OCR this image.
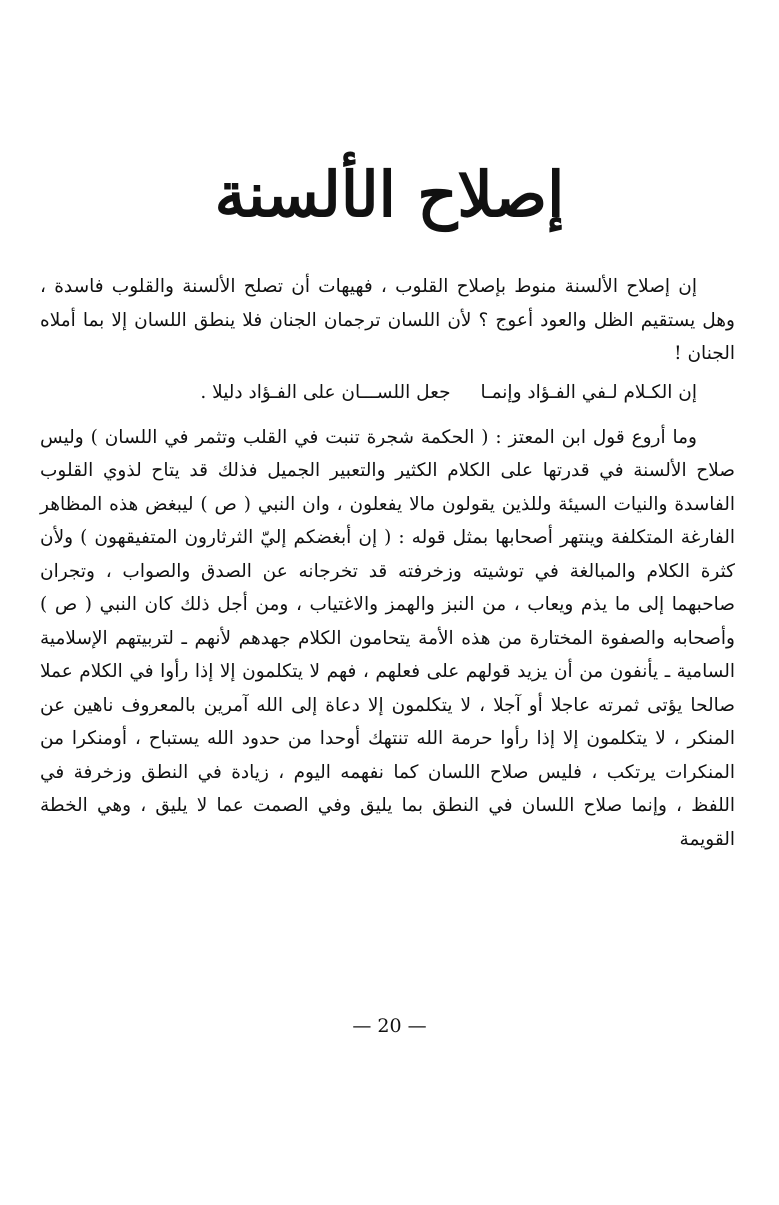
إصلاح الألسنة

إن إصلاح الألسنة منوط بإصلاح القلوب ، فهيهات أن تصلح الألسنة والقلوب فاسدة ، وهل يستقيم الظل والعود أعوج ؟ لأن اللسان ترجمان الجنان فلا ينطق اللسان إلا بما أملاه الجنان !

إن الكـلام لـفي الفـؤاد وإنمـاجعل اللســـان على الفـؤاد دليلا .

وما أروع قول ابن المعتز : ( الحكمة شجرة تنبت في القلب وتثمر في اللسان ) وليس صلاح الألسنة في قدرتها على الكلام الكثير والتعبير الجميل فذلك قد يتاح لذوي القلوب الفاسدة والنيات السيئة وللذين يقولون مالا يفعلون ، وان النبي ( ص ) ليبغض هذه المظاهر الفارغة المتكلفة وينتهر أصحابها بمثل قوله : ( إن أبغضكم إليّ الثرثارون المتفيقهون ) ولأن كثرة الكلام والمبالغة في توشيته وزخرفته قد تخرجانه عن الصدق والصواب ، وتجران صاحبهما إلى ما يذم ويعاب ، من النبز والهمز والاغتياب ، ومن أجل ذلك كان النبي ( ص ) وأصحابه والصفوة المختارة من هذه الأمة يتحامون الكلام جهدهم لأنهم ـ لتربيتهم الإسلامية السامية ـ يأنفون من أن يزيد قولهم على فعلهم ، فهم لا يتكلمون إلا إذا رأوا في الكلام عملا صالحا يؤتى ثمرته عاجلا أو آجلا ، لا يتكلمون إلا دعاة إلى الله آمرين بالمعروف ناهين عن المنكر ، لا يتكلمون إلا إذا رأوا حرمة الله تنتهك أوحدا من حدود الله يستباح ، أومنكرا من المنكرات يرتكب ، فليس صلاح اللسان كما نفهمه اليوم ، زيادة في النطق وزخرفة في اللفظ ، وإنما صلاح اللسان في النطق بما يليق وفي الصمت عما لا يليق ، وهي الخطة القويمة

— 20 —
